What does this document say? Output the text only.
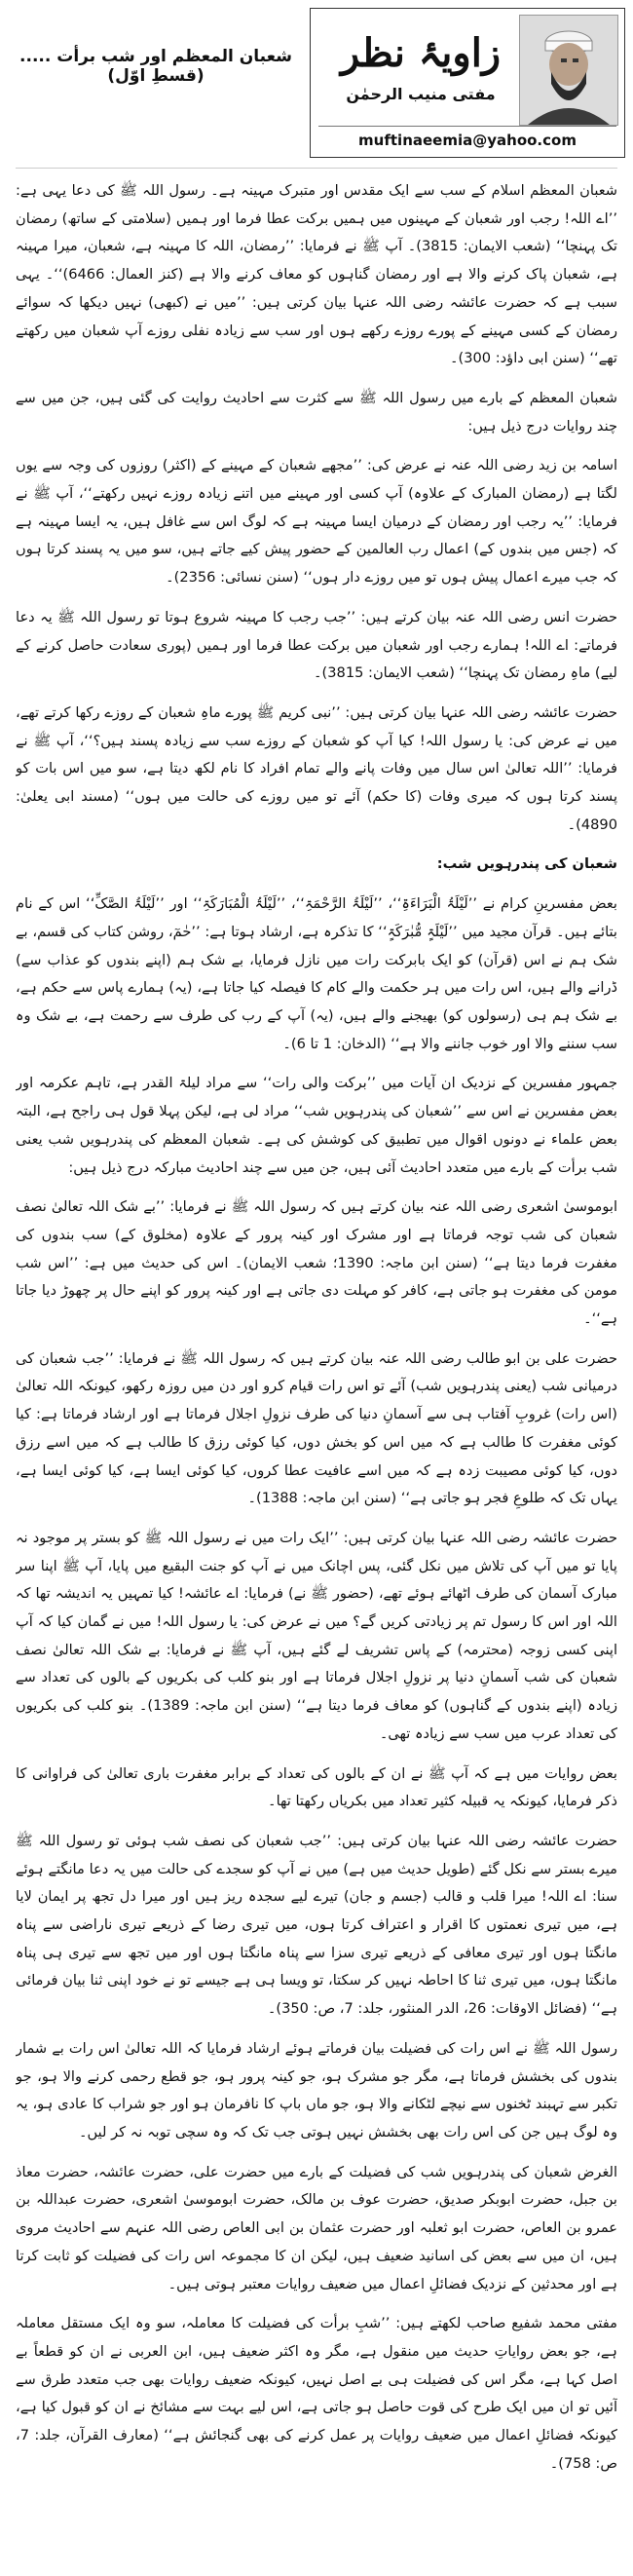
زاویۂ نظر
مفتی منیب الرحمٰن
muftinaeemia@yahoo.com
شعبان المعظم اور شب برأت ..... (قسطِ اوّل)

شعبان المعظم اسلام کے سب سے ایک مقدس اور متبرک مہینہ ہے۔ رسول اللہ ﷺ کی دعا یہی ہے: ’’اے اللہ! رجب اور شعبان کے مہینوں میں ہمیں برکت عطا فرما اور ہمیں (سلامتی کے ساتھ) رمضان تک پہنچا‘‘ (شعب الایمان: 3815)۔ آپ ﷺ نے فرمایا: ’’رمضان، اللہ کا مہینہ ہے، شعبان، میرا مہینہ ہے، شعبان پاک کرنے والا ہے اور رمضان گناہوں کو معاف کرنے والا ہے (کنز العمال: 6466)‘‘۔ یہی سبب ہے کہ حضرت عائشہ رضی اللہ عنہا بیان کرتی ہیں: ’’میں نے (کبھی) نہیں دیکھا کہ سوائے رمضان کے کسی مہینے کے پورے روزے رکھے ہوں اور سب سے زیادہ نفلی روزے آپ شعبان میں رکھتے تھے‘‘ (سنن ابی داؤد: 300)۔

شعبان المعظم کے بارے میں رسول اللہ ﷺ سے کثرت سے احادیث روایت کی گئی ہیں، جن میں سے چند روایات درج ذیل ہیں:

اسامہ بن زید رضی اللہ عنہ نے عرض کی: ’’مجھے شعبان کے مہینے کے (اکثر) روزوں کی وجہ سے یوں لگتا ہے (رمضان المبارک کے علاوہ) آپ کسی اور مہینے میں اتنے زیادہ روزے نہیں رکھتے‘‘، آپ ﷺ نے فرمایا: ’’یہ رجب اور رمضان کے درمیان ایسا مہینہ ہے کہ لوگ اس سے غافل ہیں، یہ ایسا مہینہ ہے کہ (جس میں بندوں کے) اعمال رب العالمین کے حضور پیش کیے جاتے ہیں، سو میں یہ پسند کرتا ہوں کہ جب میرے اعمال پیش ہوں تو میں روزے دار ہوں‘‘ (سنن نسائی: 2356)۔

حضرت انس رضی اللہ عنہ بیان کرتے ہیں: ’’جب رجب کا مہینہ شروع ہوتا تو رسول اللہ ﷺ یہ دعا فرماتے: اے اللہ! ہمارے رجب اور شعبان میں برکت عطا فرما اور ہمیں (پوری سعادت حاصل کرنے کے لیے) ماہِ رمضان تک پہنچا‘‘ (شعب الایمان: 3815)۔

حضرت عائشہ رضی اللہ عنہا بیان کرتی ہیں: ’’نبی کریم ﷺ پورے ماہِ شعبان کے روزے رکھا کرتے تھے، میں نے عرض کی: یا رسول اللہ! کیا آپ کو شعبان کے روزے سب سے زیادہ پسند ہیں؟‘‘، آپ ﷺ نے فرمایا: ’’اللہ تعالیٰ اس سال میں وفات پانے والے تمام افراد کا نام لکھ دیتا ہے، سو میں اس بات کو پسند کرتا ہوں کہ میری وفات (کا حکم) آئے تو میں روزے کی حالت میں ہوں‘‘ (مسند ابی یعلیٰ: 4890)۔

شعبان کی پندرہویں شب:

بعض مفسرینِ کرام نے ’’لَیْلَۃُ الْبَرَاءَۃِ‘‘، ’’لَیْلَۃُ الرَّحْمَۃِ‘‘، ’’لَیْلَۃُ الْمُبَارَکَۃِ‘‘ اور ’’لَیْلَۃُ الصَّکِّ‘‘ اس کے نام بتائے ہیں۔ قرآن مجید میں ’’لَیْلَۃٍ مُّبٰرَکَۃٍ‘‘ کا تذکرہ ہے، ارشاد ہوتا ہے: ’’حٰمٓ، روشن کتاب کی قسم، بے شک ہم نے اس (قرآن) کو ایک بابرکت رات میں نازل فرمایا، بے شک ہم (اپنے بندوں کو عذاب سے) ڈرانے والے ہیں، اس رات میں ہر حکمت والے کام کا فیصلہ کیا جاتا ہے، (یہ) ہمارے پاس سے حکم ہے، بے شک ہم ہی (رسولوں کو) بھیجنے والے ہیں، (یہ) آپ کے رب کی طرف سے رحمت ہے، بے شک وہ سب سننے والا اور خوب جاننے والا ہے‘‘ (الدخان: 1 تا 6)۔

جمہور مفسرین کے نزدیک ان آیات میں ’’برکت والی رات‘‘ سے مراد لیلۃ القدر ہے، تاہم عکرمہ اور بعض مفسرین نے اس سے ’’شعبان کی پندرہویں شب‘‘ مراد لی ہے، لیکن پہلا قول ہی راجح ہے، البتہ بعض علماء نے دونوں اقوال میں تطبیق کی کوشش کی ہے۔ شعبان المعظم کی پندرہویں شب یعنی شب برأت کے بارے میں متعدد احادیث آئی ہیں، جن میں سے چند احادیث مبارکہ درج ذیل ہیں:

ابوموسیٰ اشعری رضی اللہ عنہ بیان کرتے ہیں کہ رسول اللہ ﷺ نے فرمایا: ’’بے شک اللہ تعالیٰ نصف شعبان کی شب توجہ فرماتا ہے اور مشرک اور کینہ پرور کے علاوہ (مخلوق کے) سب بندوں کی مغفرت فرما دیتا ہے‘‘ (سنن ابن ماجہ: 1390؛ شعب الایمان)۔ اس کی حدیث میں ہے: ’’اس شب مومن کی مغفرت ہو جاتی ہے، کافر کو مہلت دی جاتی ہے اور کینہ پرور کو اپنے حال پر چھوڑ دیا جاتا ہے‘‘۔

حضرت علی بن ابو طالب رضی اللہ عنہ بیان کرتے ہیں کہ رسول اللہ ﷺ نے فرمایا: ’’جب شعبان کی درمیانی شب (یعنی پندرہویں شب) آئے تو اس رات قیام کرو اور دن میں روزہ رکھو، کیونکہ اللہ تعالیٰ (اس رات) غروبِ آفتاب ہی سے آسمانِ دنیا کی طرف نزولِ اجلال فرماتا ہے اور ارشاد فرماتا ہے: کیا کوئی مغفرت کا طالب ہے کہ میں اس کو بخش دوں، کیا کوئی رزق کا طالب ہے کہ میں اسے رزق دوں، کیا کوئی مصیبت زدہ ہے کہ میں اسے عافیت عطا کروں، کیا کوئی ایسا ہے، کیا کوئی ایسا ہے، یہاں تک کہ طلوعِ فجر ہو جاتی ہے‘‘ (سنن ابن ماجہ: 1388)۔

حضرت عائشہ رضی اللہ عنہا بیان کرتی ہیں: ’’ایک رات میں نے رسول اللہ ﷺ کو بستر پر موجود نہ پایا تو میں آپ کی تلاش میں نکل گئی، پس اچانک میں نے آپ کو جنت البقیع میں پایا، آپ ﷺ اپنا سر مبارک آسمان کی طرف اٹھائے ہوئے تھے، (حضور ﷺ نے) فرمایا: اے عائشہ! کیا تمہیں یہ اندیشہ تھا کہ اللہ اور اس کا رسول تم پر زیادتی کریں گے؟ میں نے عرض کی: یا رسول اللہ! میں نے گمان کیا کہ آپ اپنی کسی زوجہ (محترمہ) کے پاس تشریف لے گئے ہیں، آپ ﷺ نے فرمایا: بے شک اللہ تعالیٰ نصف شعبان کی شب آسمانِ دنیا پر نزولِ اجلال فرماتا ہے اور بنو کلب کی بکریوں کے بالوں کی تعداد سے زیادہ (اپنے بندوں کے گناہوں) کو معاف فرما دیتا ہے‘‘ (سنن ابن ماجہ: 1389)۔ بنو کلب کی بکریوں کی تعداد عرب میں سب سے زیادہ تھی۔

بعض روایات میں ہے کہ آپ ﷺ نے ان کے بالوں کی تعداد کے برابر مغفرت باری تعالیٰ کی فراوانی کا ذکر فرمایا، کیونکہ یہ قبیلہ کثیر تعداد میں بکریاں رکھتا تھا۔

حضرت عائشہ رضی اللہ عنہا بیان کرتی ہیں: ’’جب شعبان کی نصف شب ہوئی تو رسول اللہ ﷺ میرے بستر سے نکل گئے (طویل حدیث میں ہے) میں نے آپ کو سجدے کی حالت میں یہ دعا مانگتے ہوئے سنا: اے اللہ! میرا قلب و قالب (جسم و جان) تیرے لیے سجدہ ریز ہیں اور میرا دل تجھ پر ایمان لایا ہے، میں تیری نعمتوں کا اقرار و اعتراف کرتا ہوں، میں تیری رضا کے ذریعے تیری ناراضی سے پناہ مانگتا ہوں اور تیری معافی کے ذریعے تیری سزا سے پناہ مانگتا ہوں اور میں تجھ سے تیری ہی پناہ مانگتا ہوں، میں تیری ثنا کا احاطہ نہیں کر سکتا، تو ویسا ہی ہے جیسے تو نے خود اپنی ثنا بیان فرمائی ہے‘‘ (فضائل الاوقات: 26، الدر المنثور، جلد: 7، ص: 350)۔

رسول اللہ ﷺ نے اس رات کی فضیلت بیان فرماتے ہوئے ارشاد فرمایا کہ اللہ تعالیٰ اس رات بے شمار بندوں کی بخشش فرماتا ہے، مگر جو مشرک ہو، جو کینہ پرور ہو، جو قطع رحمی کرنے والا ہو، جو تکبر سے تہبند ٹخنوں سے نیچے لٹکانے والا ہو، جو ماں باپ کا نافرمان ہو اور جو شراب کا عادی ہو، یہ وہ لوگ ہیں جن کی اس رات بھی بخشش نہیں ہوتی جب تک کہ وہ سچی توبہ نہ کر لیں۔

الغرض شعبان کی پندرہویں شب کی فضیلت کے بارے میں حضرت علی، حضرت عائشہ، حضرت معاذ بن جبل، حضرت ابوبکر صدیق، حضرت عوف بن مالک، حضرت ابوموسیٰ اشعری، حضرت عبداللہ بن عمرو بن العاص، حضرت ابو ثعلبہ اور حضرت عثمان بن ابی العاص رضی اللہ عنہم سے احادیث مروی ہیں، ان میں سے بعض کی اسانید ضعیف ہیں، لیکن ان کا مجموعہ اس رات کی فضیلت کو ثابت کرتا ہے اور محدثین کے نزدیک فضائلِ اعمال میں ضعیف روایات معتبر ہوتی ہیں۔

مفتی محمد شفیع صاحب لکھتے ہیں: ’’شبِ برأت کی فضیلت کا معاملہ، سو وہ ایک مستقل معاملہ ہے، جو بعض روایاتِ حدیث میں منقول ہے، مگر وہ اکثر ضعیف ہیں، ابن العربی نے ان کو قطعاً بے اصل کہا ہے، مگر اس کی فضیلت ہی بے اصل نہیں، کیونکہ ضعیف روایات بھی جب متعدد طرق سے آئیں تو ان میں ایک طرح کی قوت حاصل ہو جاتی ہے، اس لیے بہت سے مشائخ نے ان کو قبول کیا ہے، کیونکہ فضائلِ اعمال میں ضعیف روایات پر عمل کرنے کی بھی گنجائش ہے‘‘ (معارف القرآن، جلد: 7، ص: 758)۔
